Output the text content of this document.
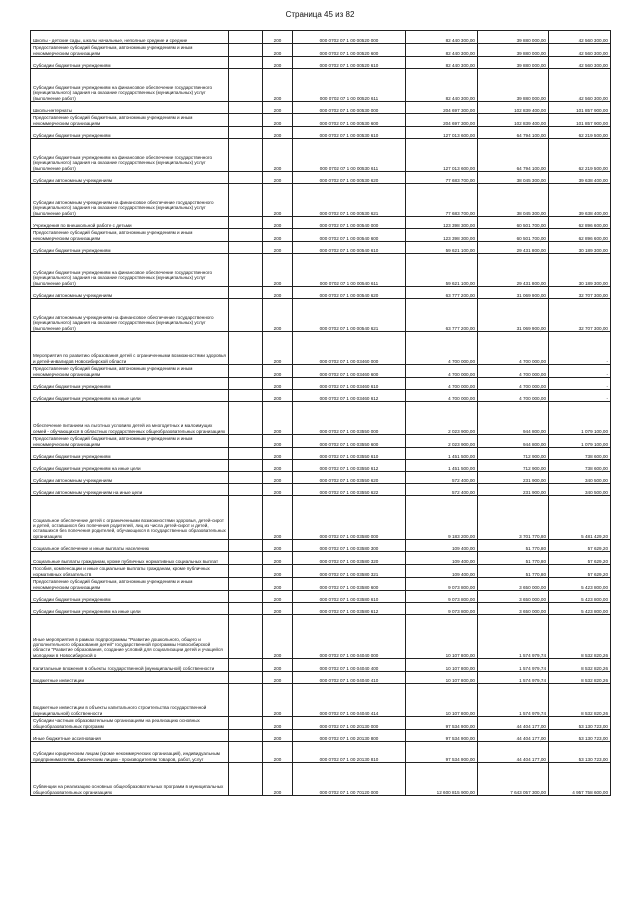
Страница 45 из 82
Школы - детские сады, школы начальные, неполные средние и средние		200	000 0702 07 1 00 00520 000	82 440 300,00	39 880 000,00	42 560 300,00
Предоставление субсидий бюджетным, автономным учреждениям и иным некоммерческим организациям		200	000 0702 07 1 00 00520 600	82 440 300,00	39 880 000,00	42 560 300,00
Субсидии бюджетным учреждениям		200	000 0702 07 1 00 00520 610	82 440 300,00	39 880 000,00	42 560 300,00
Субсидии бюджетным учреждениям на финансовое обеспечение государственного (муниципального) задания на оказание государственных (муниципальных) услуг (выполнение работ)		200	000 0702 07 1 00 00520 611	82 440 300,00	39 880 000,00	42 560 300,00
Школы-интернаты		200	000 0702 07 1 00 00530 000	204 697 300,00	102 839 400,00	101 857 900,00
Предоставление субсидий бюджетным, автономным учреждениям и иным некоммерческим организациям		200	000 0702 07 1 00 00530 600	204 697 300,00	102 839 400,00	101 857 900,00
Субсидии бюджетным учреждениям		200	000 0702 07 1 00 00530 610	127 013 600,00	64 794 100,00	62 219 500,00
Субсидии бюджетным учреждениям на финансовое обеспечение государственного (муниципального) задания на оказание государственных (муниципальных) услуг (выполнение работ)		200	000 0702 07 1 00 00530 611	127 013 600,00	64 794 100,00	62 219 500,00
Субсидии автономным учреждениям		200	000 0702 07 1 00 00530 620	77 683 700,00	38 045 300,00	39 638 400,00
Субсидии автономным учреждениям на финансовое обеспечение государственного (муниципального) задания на оказание государственных (муниципальных) услуг (выполнение работ)		200	000 0702 07 1 00 00530 621	77 683 700,00	38 045 300,00	39 638 400,00
Учреждения по внешкольной работе с детьми		200	000 0702 07 1 00 00540 000	123 398 300,00	60 501 700,00	62 896 600,00
Предоставление субсидий бюджетным, автономным учреждениям и иным некоммерческим организациям		200	000 0702 07 1 00 00540 600	123 398 300,00	60 501 700,00	62 896 600,00
Субсидии бюджетным учреждениям		200	000 0702 07 1 00 00540 610	59 621 100,00	29 431 800,00	30 189 300,00
Субсидии бюджетным учреждениям на финансовое обеспечение государственного (муниципального) задания на оказание государственных (муниципальных) услуг (выполнение работ)		200	000 0702 07 1 00 00540 611	59 621 100,00	29 431 800,00	30 189 300,00
Субсидии автономным учреждениям		200	000 0702 07 1 00 00540 620	63 777 200,00	31 069 900,00	32 707 300,00
Субсидии автономным учреждениям на финансовое обеспечение государственного (муниципального) задания на оказание государственных (муниципальных) услуг (выполнение работ)		200	000 0702 07 1 00 00540 621	63 777 200,00	31 069 900,00	32 707 300,00
Мероприятия по развитию образования детей с ограниченными возможностями здоровья и детей-инвалидов Новосибирской области		200	000 0702 07 1 00 03460 000	4 700 000,00	4 700 000,00	-
Предоставление субсидий бюджетным, автономным учреждениям и иным некоммерческим организациям		200	000 0702 07 1 00 03460 600	4 700 000,00	4 700 000,00	-
Субсидии бюджетным учреждениям		200	000 0702 07 1 00 03460 610	4 700 000,00	4 700 000,00	-
Субсидии бюджетным учреждениям на иные цели		200	000 0702 07 1 00 03460 612	4 700 000,00	4 700 000,00	-
Обеспечение питанием на льготных условиях детей из многодетных и малоимущих семей - обучающихся в областных государственных общеобразовательных организациях		200	000 0702 07 1 00 03550 000	2 023 900,00	944 800,00	1 079 100,00
Предоставление субсидий бюджетным, автономным учреждениям и иным некоммерческим организациям		200	000 0702 07 1 00 03550 600	2 023 900,00	944 800,00	1 079 100,00
Субсидии бюджетным учреждениям		200	000 0702 07 1 00 03550 610	1 451 500,00	712 900,00	738 600,00
Субсидии бюджетным учреждениям на иные цели		200	000 0702 07 1 00 03550 612	1 451 500,00	712 900,00	738 600,00
Субсидии автономным учреждениям		200	000 0702 07 1 00 03550 620	572 400,00	231 900,00	340 500,00
Субсидии автономным учреждениям на иные цели		200	000 0702 07 1 00 03550 622	572 400,00	231 900,00	340 500,00
Социальное обеспечение детей с ограниченными возможностями здоровья, детей-сирот и детей, оставшихся без попечения родителей, лиц из числа детей-сирот и детей, оставшихся без попечения родителей, обучающихся в государственных образовательных организациях		200	000 0702 07 1 00 03580 000	9 183 200,00	3 701 770,80	5 481 429,20
Социальное обеспечение и иные выплаты населению		200	000 0702 07 1 00 03580 300	109 400,00	51 770,80	57 629,20
Социальные выплаты гражданам, кроме публичных нормативных социальных выплат		200	000 0702 07 1 00 03580 320	109 400,00	51 770,80	57 629,20
Пособия, компенсации и иные социальные выплаты гражданам, кроме публичных нормативных обязательств		200	000 0702 07 1 00 03580 321	109 400,00	51 770,80	57 629,20
Предоставление субсидий бюджетным, автономным учреждениям и иным некоммерческим организациям		200	000 0702 07 1 00 03580 600	9 073 800,00	3 650 000,00	5 423 800,00
Субсидии бюджетным учреждениям		200	000 0702 07 1 00 03580 610	9 073 800,00	3 650 000,00	5 423 800,00
Субсидии бюджетным учреждениям на иные цели		200	000 0702 07 1 00 03580 612	9 073 800,00	3 650 000,00	5 423 800,00
Иные мероприятия в рамках подпрограммы "Развитие дошкольного, общего и дополнительного образования детей" государственной программы Новосибирской области "Развитие образования, создание условий для социализации детей и учащейся молодежи в Новосибирской о		200	000 0702 07 1 00 04040 000	10 107 800,00	1 574 979,74	8 532 820,26
Капитальные вложения в объекты государственной (муниципальной) собственности		200	000 0702 07 1 00 04040 400	10 107 800,00	1 574 979,74	8 532 820,26
Бюджетные инвестиции		200	000 0702 07 1 00 04040 410	10 107 800,00	1 574 979,74	8 532 820,26
Бюджетные инвестиции в объекты капитального строительства государственной (муниципальной) собственности		200	000 0702 07 1 00 04040 414	10 107 800,00	1 574 979,74	8 532 820,26
Субсидии частным образовательным организациям на реализацию основных общеобразовательных программ		200	000 0702 07 1 00 20130 000	97 534 900,00	44 404 177,00	53 130 723,00
Иные бюджетные ассигнования		200	000 0702 07 1 00 20130 800	97 534 900,00	44 404 177,00	53 130 723,00
Субсидии юридическим лицам (кроме некоммерческих организаций), индивидуальным предпринимателям, физическим лицам - производителям товаров, работ, услуг		200	000 0702 07 1 00 20130 810	97 534 900,00	44 404 177,00	53 130 723,00
Субвенции на реализацию основных общеобразовательных программ в муниципальных общеобразовательных организациях		200	000 0702 07 1 00 70120 000	12 600 815 900,00	7 643 057 300,00	4 957 758 600,00
